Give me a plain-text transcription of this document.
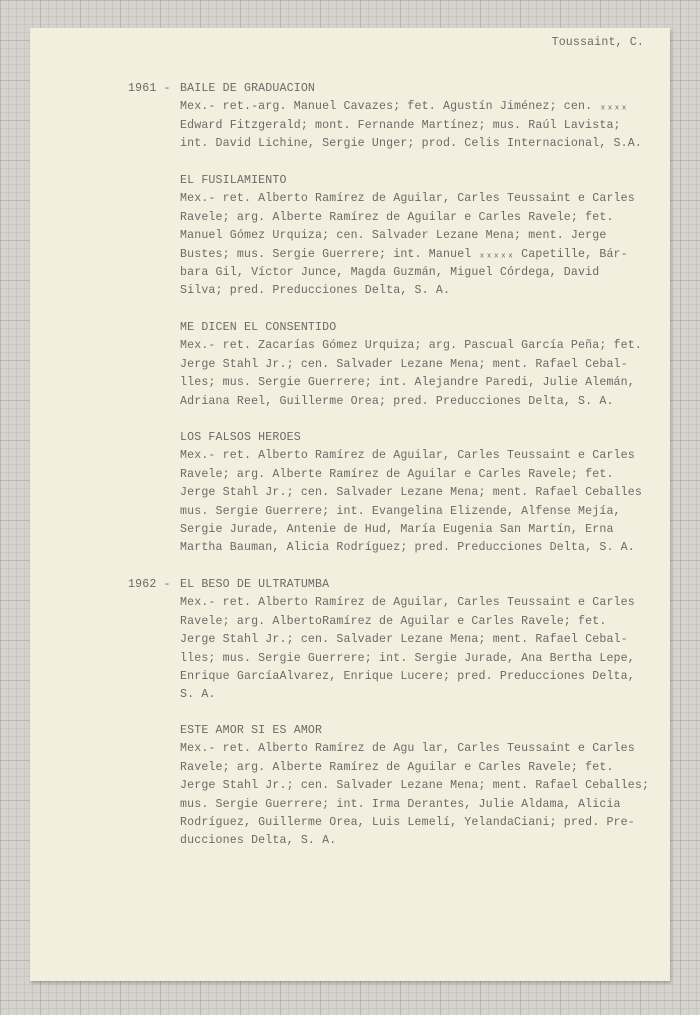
Toussaint, C.
1961 - BAILE DE GRADUACION
Mex.- ret.-arg. Manuel Cavazes; fet. Agustín Jiménez; cen. ₓₓₓₓ
Edward Fitzgerald; mont. Fernande Martínez; mus. Raúl Lavista;
int. David Lichine, Sergie Unger; prod. Celis Internacional, S.A.
EL FUSILAMIENTO
Mex.- ret. Alberto Ramírez de Aguilar, Carles Teussaint e Carles
Ravele; arg. Alberte Ramírez de Aguilar e Carles Ravele; fet.
Manuel Gómez Urquiza; cen. Salvader Lezane Mena; ment. Jerge
Bustes; mus. Sergie Guerrere; int. Manuel ₓₓₓₓₓ Capetille, Bár-
bara Gil, Víctor Junce, Magda Guzmán, Miguel Córdega, David
Silva; pred. Preducciones Delta, S. A.
ME DICEN EL CONSENTIDO
Mex.- ret. Zacarías Gómez Urquiza; arg. Pascual García Peña; fet.
Jerge Stahl Jr.; cen. Salvader Lezane Mena; ment. Rafael Cebal-
lles; mus. Sergie Guerrere; int. Alejandre Paredi, Julie Alemán,
Adriana Reel, Guillerme Orea; pred. Preducciones Delta, S. A.
LOS FALSOS HEROES
Mex.- ret. Alberto Ramírez de Aguilar, Carles Teussaint e Carles
Ravele; arg. Alberte Ramírez de Aguilar e Carles Ravele; fet.
Jerge Stahl Jr.; cen. Salvader Lezane Mena; ment. Rafael Ceballes
mus. Sergie Guerrere; int. Evangelina Elizende, Alfense Mejía,
Sergie Jurade, Antenie de Hud, María Eugenia San Martín, Erna
Martha Bauman, Alicia Rodríguez; pred. Preducciones Delta, S. A.
1962 - EL BESO DE ULTRATUMBA
Mex.- ret. Alberto Ramírez de Aguilar, Carles Teussaint e Carles
Ravele; arg. AlbertoRamírez de Aguilar e Carles Ravele; fet.
Jerge Stahl Jr.; cen. Salvader Lezane Mena; ment. Rafael Cebal-
lles; mus. Sergie Guerrere; int. Sergie Jurade, Ana Bertha Lepe,
Enrique GarcíaAlvarez, Enrique Lucere; pred. Preducciones Delta,
S. A.
ESTE AMOR SI ES AMOR
Mex.- ret. Alberto Ramírez de Agu lar, Carles Teussaint e Carles
Ravele; arg. Alberte Ramírez de Aguilar e Carles Ravele; fet.
Jerge Stahl Jr.; cen. Salvader Lezane Mena; ment. Rafael Ceballes;
mus. Sergie Guerrere; int. Irma Derantes, Julie Aldama, Alicia
Rodríguez, Guillerme Orea, Luis Lemelí, YelandaCiani; pred. Pre-
ducciones Delta, S. A.
